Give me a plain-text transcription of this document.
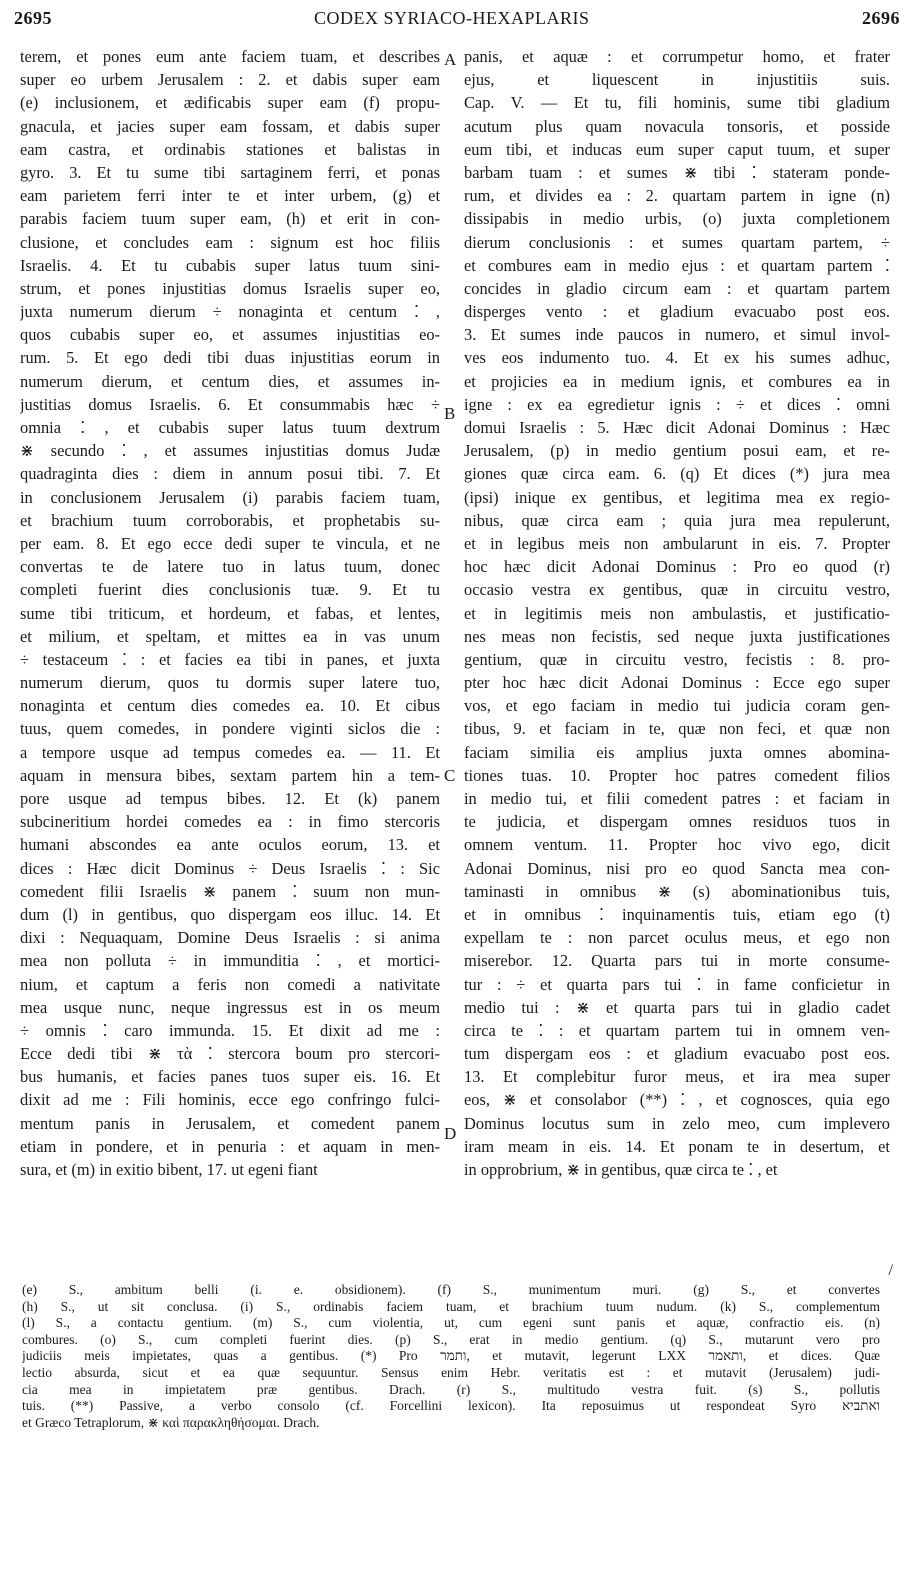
2695	CODEX SYRIACO-HEXAPLARIS	2696
terem, et pones eum ante faciem tuam, et describes
super eo urbem Jerusalem : 2. et dabis super eam
(e) inclusionem, et ædificabis super eam (f) propu-
gnacula, et jacies super eam fossam, et dabis super
eam castra, et ordinabis stationes et balistas in
gyro. 3. Et tu sume tibi sartaginem ferri, et ponas
eam parietem ferri inter te et inter urbem, (g) et
parabis faciem tuum super eam, (h) et erit in con-
clusione, et concludes eam : signum est hoc filiis
Israelis. 4. Et tu cubabis super latus tuum sini-
strum, et pones injustitias domus Israelis super eo,
juxta numerum dierum ÷ nonaginta et centum ⁚ ,
quos cubabis super eo, et assumes injustitias eo-
rum. 5. Et ego dedi tibi duas injustitias eorum in
numerum dierum, et centum dies, et assumes in-
justitias domus Israelis. 6. Et consummabis hæc ÷
omnia ⁚ , et cubabis super latus tuum dextrum
⋇ secundo ⁚ , et assumes injustitias domus Judæ
quadraginta dies : diem in annum posui tibi. 7. Et
in conclusionem Jerusalem (i) parabis faciem tuam,
et brachium tuum corroborabis, et prophetabis su-
per eam. 8. Et ego ecce dedi super te vincula, et ne
convertas te de latere tuo in latus tuum, donec
completi fuerint dies conclusionis tuæ. 9. Et tu
sume tibi triticum, et hordeum, et fabas, et lentes,
et milium, et speltam, et mittes ea in vas unum
÷ testaceum ⁚ : et facies ea tibi in panes, et juxta
numerum dierum, quos tu dormis super latere tuo,
nonaginta et centum dies comedes ea. 10. Et cibus
tuus, quem comedes, in pondere viginti siclos die :
a tempore usque ad tempus comedes ea. — 11. Et
aquam in mensura bibes, sextam partem hin a tem-
pore usque ad tempus bibes. 12. Et (k) panem
subcineritium hordei comedes ea : in fimo stercoris
humani abscondes ea ante oculos eorum, 13. et
dices : Hæc dicit Dominus ÷ Deus Israelis ⁚ : Sic
comedent filii Israelis ⋇ panem ⁚ suum non mun-
dum (l) in gentibus, quo dispergam eos illuc. 14. Et
dixi : Nequaquam, Domine Deus Israelis : si anima
mea non polluta ÷ in immunditia ⁚ , et mortici-
nium, et captum a feris non comedi a nativitate
mea usque nunc, neque ingressus est in os meum
÷ omnis ⁚ caro immunda. 15. Et dixit ad me :
Ecce dedi tibi ⋇ τὰ ⁚ stercora boum pro stercori-
bus humanis, et facies panes tuos super eis. 16. Et
dixit ad me : Fili hominis, ecce ego confringo fulci-
mentum panis in Jerusalem, et comedent panem
etiam in pondere, et in penuria : et aquam in men-
sura, et (m) in exitio bibent, 17. ut egeni fiant
panis, et aquæ : et corrumpetur homo, et frater
ejus, et liquescent in injustitiis suis.
Cap. V. — Et tu, fili hominis, sume tibi gladium
acutum plus quam novacula tonsoris, et posside
eum tibi, et inducas eum super caput tuum, et super
barbam tuam : et sumes ⋇ tibi ⁚ stateram ponde-
rum, et divides ea : 2. quartam partem in igne (n)
dissipabis in medio urbis, (o) juxta completionem
dierum conclusionis : et sumes quartam partem, ÷
et combures eam in medio ejus : et quartam partem ⁚
concides in gladio circum eam : et quartam partem
disperges vento : et gladium evacuabo post eos.
3. Et sumes inde paucos in numero, et simul invol-
ves eos indumento tuo. 4. Et ex his sumes adhuc,
et projicies ea in medium ignis, et combures ea in
igne : ex ea egredietur ignis : ÷ et dices ⁚ omni
domui Israelis : 5. Hæc dicit Adonai Dominus : Hæc
Jerusalem, (p) in medio gentium posui eam, et re-
giones quæ circa eam. 6. (q) Et dices (*) jura mea
(ipsi) inique ex gentibus, et legitima mea ex regio-
nibus, quæ circa eam ; quia jura mea repulerunt,
et in legibus meis non ambularunt in eis. 7. Propter
hoc hæc dicit Adonai Dominus : Pro eo quod (r)
occasio vestra ex gentibus, quæ in circuitu vestro,
et in legitimis meis non ambulastis, et justificatio-
nes meas non fecistis, sed neque juxta justificationes
gentium, quæ in circuitu vestro, fecistis : 8. pro-
pter hoc hæc dicit Adonai Dominus : Ecce ego super
vos, et ego faciam in medio tui judicia coram gen-
tibus, 9. et faciam in te, quæ non feci, et quæ non
faciam similia eis amplius juxta omnes abomina-
tiones tuas. 10. Propter hoc patres comedent filios
in medio tui, et filii comedent patres : et faciam in
te judicia, et dispergam omnes residuos tuos in
omnem ventum. 11. Propter hoc vivo ego, dicit
Adonai Dominus, nisi pro eo quod Sancta mea con-
taminasti in omnibus ⋇ (s) abominationibus tuis,
et in omnibus ⁚ inquinamentis tuis, etiam ego (t)
expellam te : non parcet oculus meus, et ego non
miserebor. 12. Quarta pars tui in morte consume-
tur : ÷ et quarta pars tui ⁚ in fame conficietur in
medio tui : ⋇ et quarta pars tui in gladio cadet
circa te ⁚ : et quartam partem tui in omnem ven-
tum dispergam eos : et gladium evacuabo post eos.
13. Et complebitur furor meus, et ira mea super
eos, ⋇ et consolabor (**) ⁚ , et cognosces, quia ego
Dominus locutus sum in zelo meo, cum implevero
iram meam in eis. 14. Et ponam te in desertum, et
in opprobrium, ⋇ in gentibus, quæ circa te ⁚ , et
A
B
C
D
/
(e) S., ambitum belli (i. e. obsidionem). (f) S., munimentum muri. (g) S., et convertes
(h) S., ut sit conclusa. (i) S., ordinabis faciem tuam, et brachium tuum nudum. (k) S., complementum
(l) S., a contactu gentium. (m) S., cum violentia, ut, cum egeni sunt panis et aquæ, confractio eis. (n)
combures. (o) S., cum completi fuerint dies. (p) S., erat in medio gentium. (q) S., mutarunt vero pro
judiciis meis impietates, quas a gentibus. (*) Pro ותמר, et mutavit, legerunt LXX ותאמר, et dices. Quæ
lectio absurda, sicut et ea quæ sequuntur. Sensus enim Hebr. veritatis est : et mutavit (Jerusalem) judi-
cia mea in impietatem præ gentibus. Drach. (r) S., multitudo vestra fuit. (s) S., pollutis
tuis. (**) Passive, a verbo consolo (cf. Forcellini lexicon). Ita reposuimus ut respondeat Syro ואתביא
et Græco Tetraplorum, ⋇ καὶ παρακληθήσομαι. Drach.
